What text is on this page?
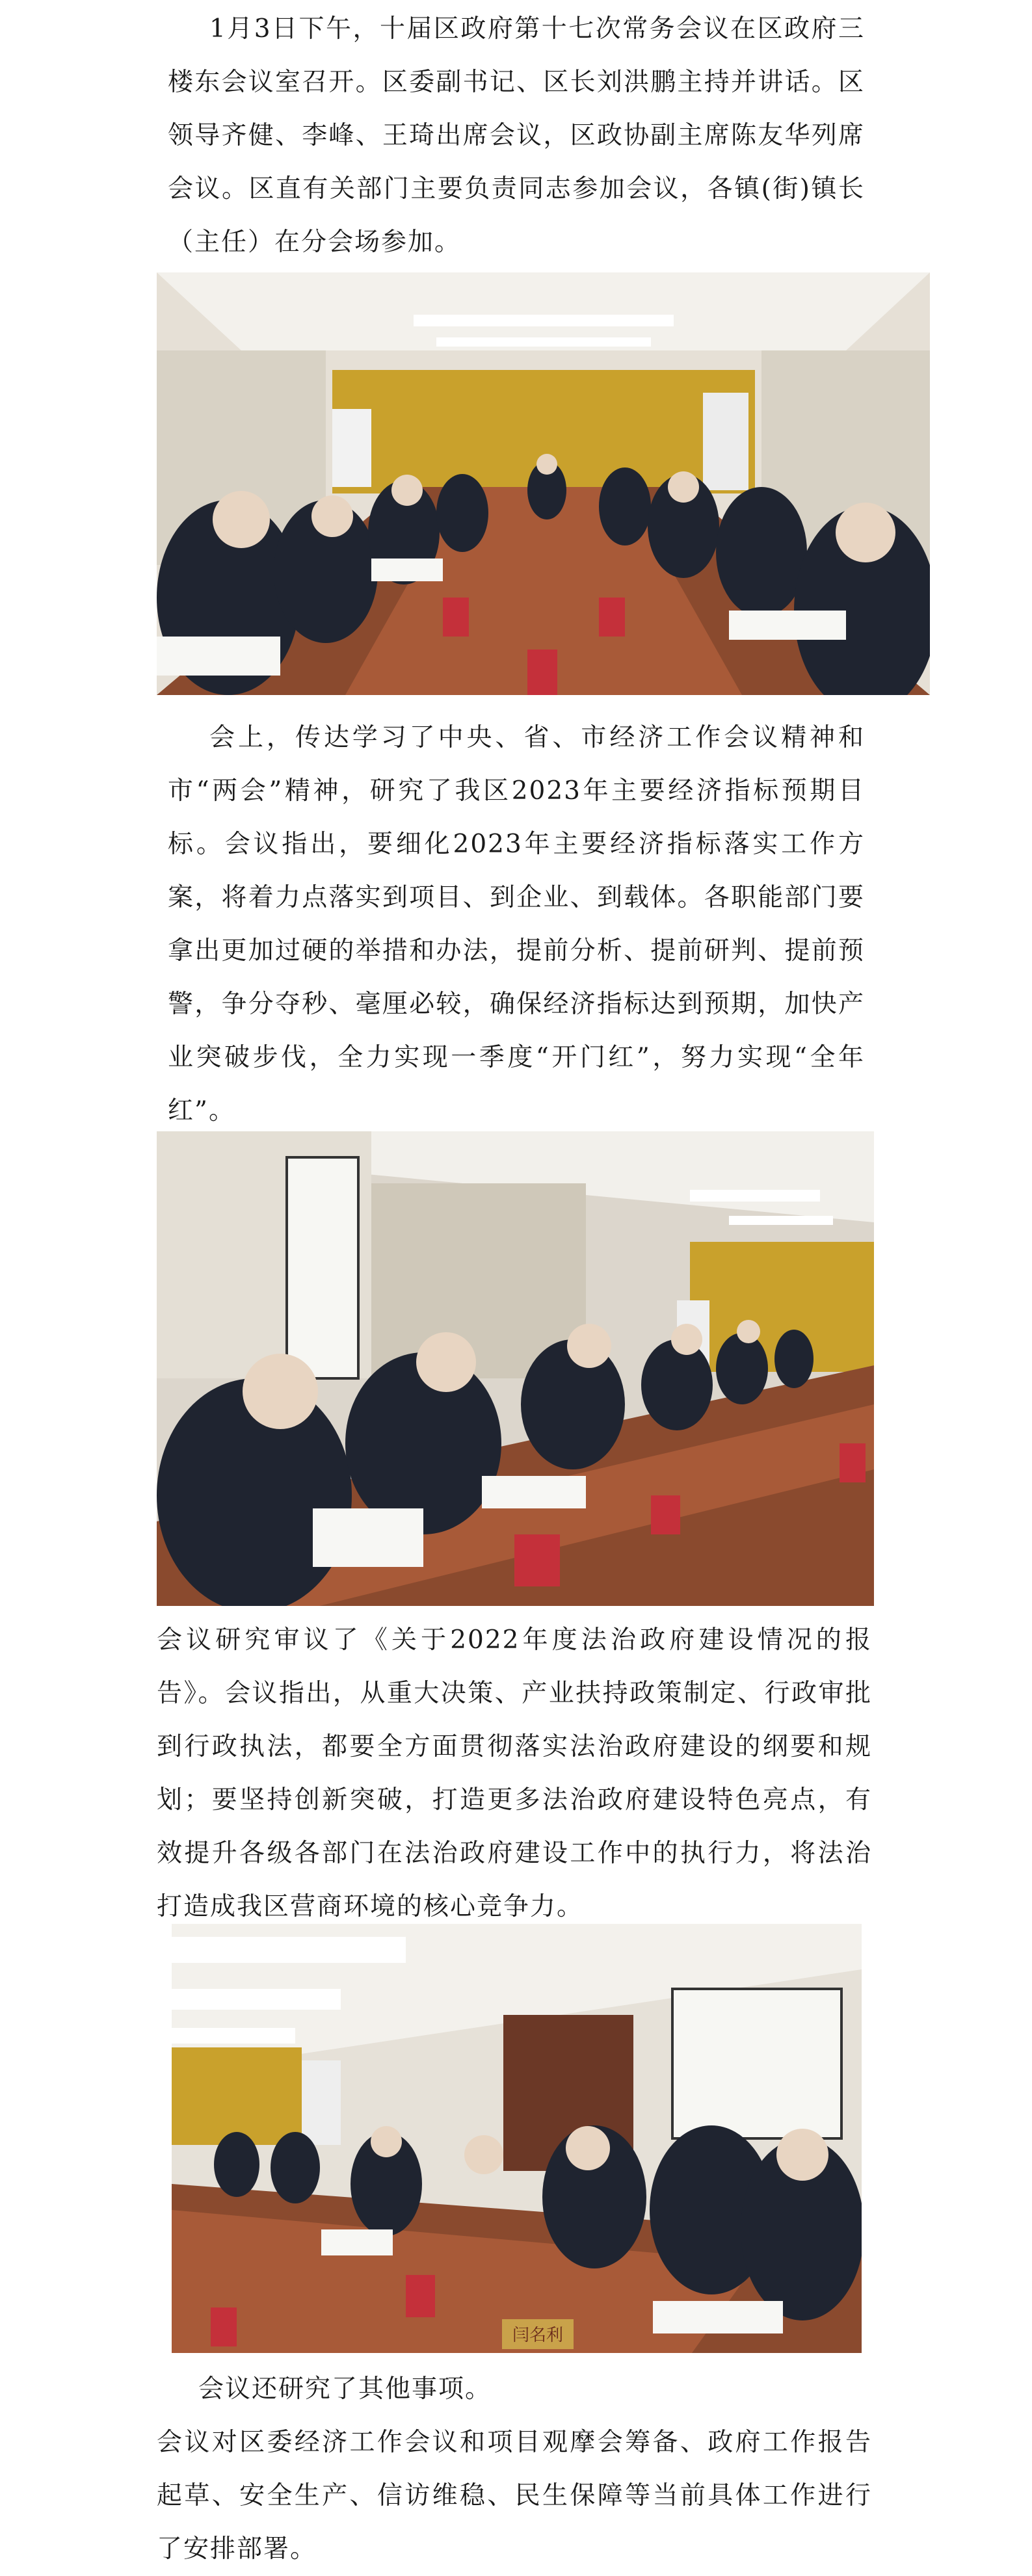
1月3日下午，十届区政府第十七次常务会议在区政府三楼东会议室召开。区委副书记、区长刘洪鹏主持并讲话。区领导齐健、李峰、王琦出席会议，区政协副主席陈友华列席会议。区直有关部门主要负责同志参加会议，各镇(街)镇长（主任）在分会场参加。

会上，传达学习了中央、省、市经济工作会议精神和市“两会”精神，研究了我区2023年主要经济指标预期目标。会议指出，要细化2023年主要经济指标落实工作方案，将着力点落实到项目、到企业、到载体。各职能部门要拿出更加过硬的举措和办法，提前分析、提前研判、提前预警，争分夺秒、毫厘必较，确保经济指标达到预期，加快产业突破步伐，全力实现一季度“开门红”，努力实现“全年红”。

会议研究审议了《关于2022年度法治政府建设情况的报告》。会议指出，从重大决策、产业扶持政策制定、行政审批到行政执法，都要全方面贯彻落实法治政府建设的纲要和规划；要坚持创新突破，打造更多法治政府建设特色亮点，有效提升各级各部门在法治政府建设工作中的执行力，将法治打造成我区营商环境的核心竞争力。

闫名利

会议还研究了其他事项。

会议对区委经济工作会议和项目观摩会筹备、政府工作报告起草、安全生产、信访维稳、民生保障等当前具体工作进行了安排部署。
